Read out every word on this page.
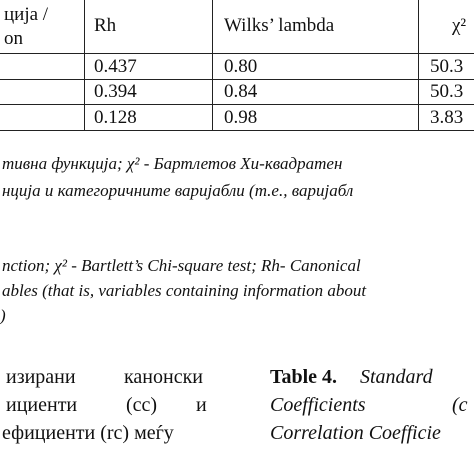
ција /
on
Rh	Wilks’ lambda	χ²
0.437	0.80	50.3
0.394	0.84	50.3
0.128	0.98	3.83
тивна функција; χ² - Бартлетов Хи-квадратен
нција и категоричните варијабли (т.е., варијабл
nction; χ² - Bartlett’s Chi-square test; Rh- Canonical
ables (that is, variables containing information about
)
изирани канонски
ициенти (cc) и
ефициенти (rc) меѓу
Table 4. Standard
Coefficients	(c
Correlation Coefficie
